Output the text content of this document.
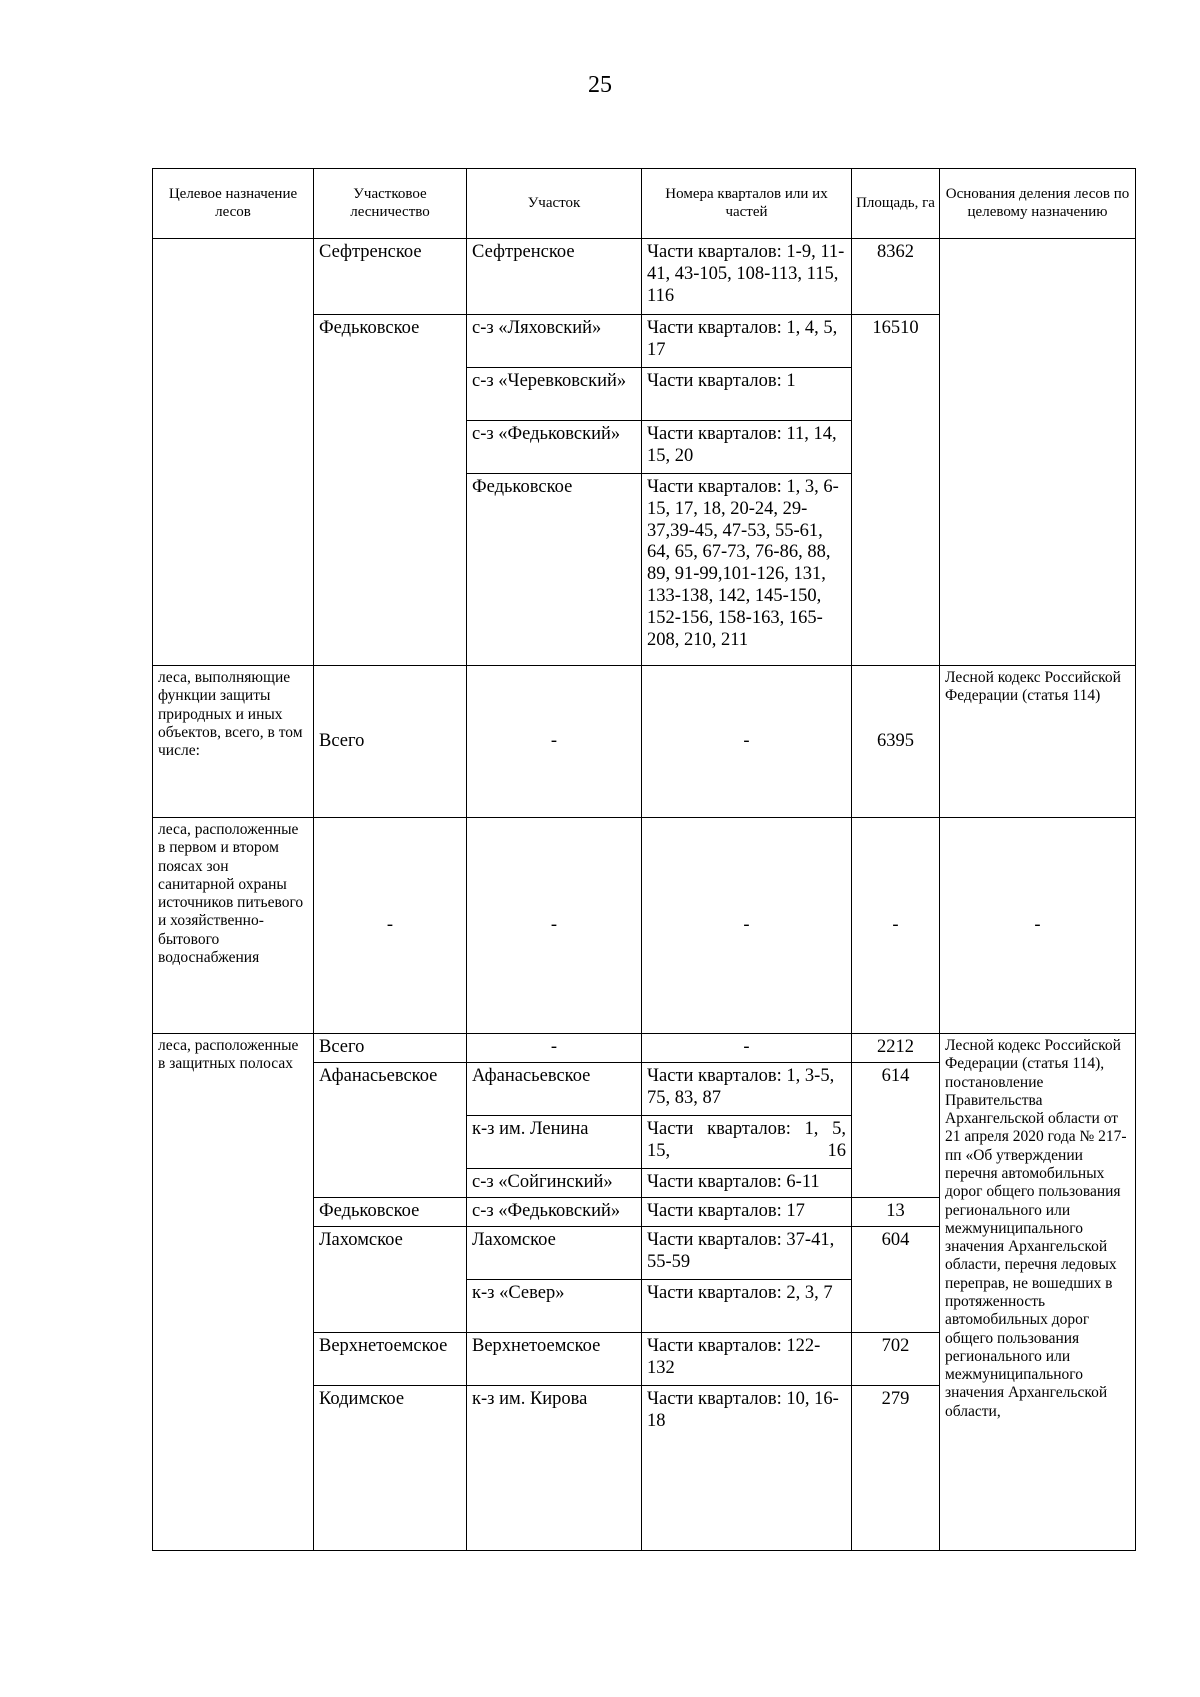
25
Целевое назначение лесов	Участковое лесничество	Участок	Номера кварталов или их частей	Площадь, га	Основания деления лесов по целевому назначению
	Сефтренское	Сефтренское	Части кварталов: 1-9, 11-41, 43-105, 108-113, 115, 116	8362	
	Федьковское	с-з «Ляховский»	Части кварталов: 1, 4, 5, 17	16510	
		с-з «Черевковский»	Части кварталов: 1		
		с-з «Федьковский»	Части кварталов: 11, 14, 15, 20		
		Федьковское	Части кварталов: 1, 3, 6-15, 17, 18, 20-24, 29-37,39-45, 47-53, 55-61, 64, 65, 67-73, 76-86, 88, 89, 91-99,101-126, 131, 133-138, 142, 145-150, 152-156, 158-163, 165-208, 210, 211		
леса, выполняющие функции защиты природных и иных объектов, всего, в том числе:	Всего	-	-	6395	Лесной кодекс Российской Федерации (статья 114)
леса, расположенные в первом и втором поясах зон санитарной охраны источников питьевого и хозяйственно-бытового водоснабжения	-	-	-	-	-
леса, расположенные в защитных полосах	Всего	-	-	2212	Лесной кодекс Российской Федерации (статья 114), постановление Правительства Архангельской области от 21 апреля 2020 года № 217-пп «Об утверждении перечня автомобильных дорог общего пользования регионального или межмуниципального значения Архангельской области, перечня ледовых переправ, не вошедших в протяженность автомобильных дорог общего пользования регионального или межмуниципального значения Архангельской области,
	Афанасьевское	Афанасьевское	Части кварталов: 1, 3-5, 75, 83, 87	614	
		к-з им. Ленина	Части кварталов: 1, 5, 15, 16		
		с-з «Сойгинский»	Части кварталов: 6-11		
	Федьковское	с-з «Федьковский»	Части кварталов: 17	13	
	Лахомское	Лахомское	Части кварталов: 37-41, 55-59	604	
		к-з «Север»	Части кварталов: 2, 3, 7		
	Верхнетоемское	Верхнетоемское	Части кварталов: 122-132	702	
	Кодимское	к-з им. Кирова	Части кварталов: 10, 16-18	279	
